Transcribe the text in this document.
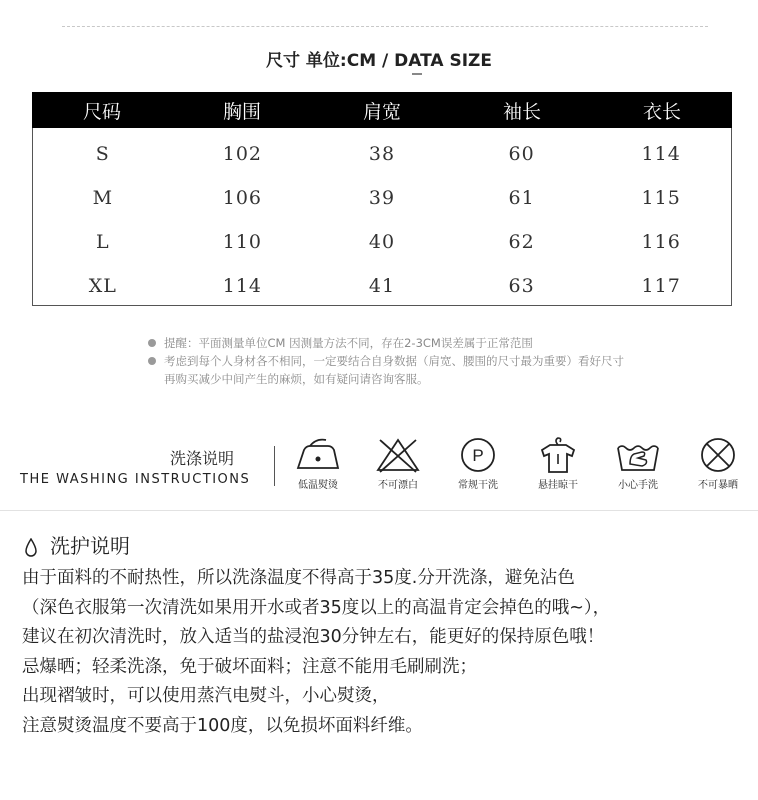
尺寸 单位:CM / DATA SIZE
尺码	胸围	肩宽	袖长	衣长
S	102	38	60	114
M	106	39	61	115
L	110	40	62	116
XL	114	41	63	117
提醒：平面测量单位CM 因测量方法不同，存在2-3CM误差属于正常范围
考虑到每个人身材各不相同，一定要结合自身数据（肩宽、腰围的尺寸最为重要）看好尺寸再购买减少中间产生的麻烦，如有疑问请咨询客服。
洗涤说明
THE WASHING INSTRUCTIONS	低温熨烫	不可漂白
P
常规干洗	悬挂晾干	小心手洗	不可暴晒
洗护说明
由于面料的不耐热性，所以洗涤温度不得高于35度.分开洗涤，避免沾色
（深色衣服第一次清洗如果用开水或者35度以上的高温肯定会掉色的哦~），
建议在初次清洗时，放入适当的盐浸泡30分钟左右，能更好的保持原色哦！
忌爆晒；轻柔洗涤，免于破坏面料；注意不能用毛刷刷洗；
出现褶皱时，可以使用蒸汽电熨斗，小心熨烫，
注意熨烫温度不要高于100度，以免损坏面料纤维。
